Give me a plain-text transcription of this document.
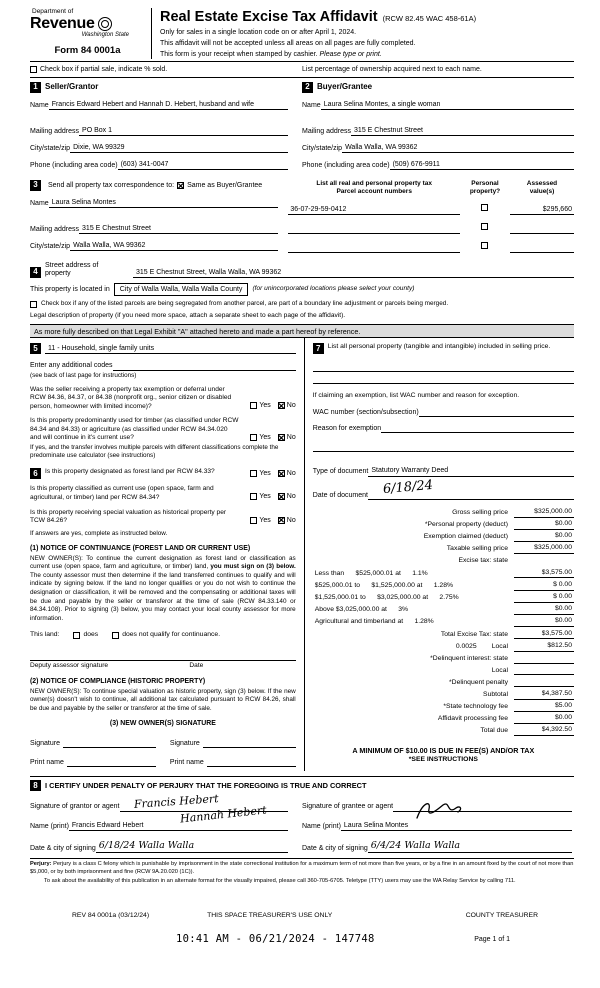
Department of
Revenue
Washington State
Form 84 0001a
Real Estate Excise Tax Affidavit (RCW 82.45 WAC 458-61A)
Only for sales in a single location code on or after April 1, 2024.
This affidavit will not be accepted unless all areas on all pages are fully completed.
This form is your receipt when stamped by cashier. Please type or print.
Check box if partial sale, indicate % sold.	List percentage of ownership acquired next to each name.
1 Seller/Grantor
Name Francis Edward Hebert and Hannah D. Hebert, husband and wife
Mailing address PO Box 1
City/state/zip Dixie, WA 99329
Phone (including area code) (603) 341-0047
2 Buyer/Grantee
Name Laura Selina Montes, a single woman
Mailing address 315 E Chestnut Street
City/state/zip Walla Walla, WA 99362
Phone (including area code) (509) 676-9911
3	Send all property tax correspondence to: ✕ Same as Buyer/Grantee
Name Laura Selina Montes
Mailing address 315 E Chestnut Street
City/state/zip Walla Walla, WA 99362
List all real and personal property tax
Parcel account numbers
Personal
property?
Assessed
value(s)
36-07-29-59-0412	$295,660
4
Street address of
property	315 E Chestnut Street, Walla Walla, WA 99362
This property is located in	City of Walla Walla, Walla Walla County	(for unincorporated locations please select your county)
Check box if any of the listed parcels are being segregated from another parcel, are part of a boundary line adjustment or parcels being merged.
Legal description of property (if you need more space, attach a separate sheet to each page of the affidavit).
As more fully described on that Legal Exhibit "A" attached hereto and made a part hereof by reference.
5	11 - Household, single family units
Enter any additional codes
(see back of last page for instructions)
Was the seller receiving a property tax exemption or deferral under RCW 84.36, 84.37, or 84.38 (nonprofit org., senior citizen or disabled person, homeowner with limited income)?	Yes ✕ No
Is this property predominantly used for timber (as classified under RCW 84.34 and 84.33) or agriculture (as classified under RCW 84.34.020 and will continue in it's current use?	Yes ✕ No
If yes, and the transfer involves multiple parcels with different classifications complete the predominate use calculator (see instructions)
6	Is this property designated as forest land per RCW 84.33?	Yes ✕ No
Is this property classified as current use (open space, farm and agricultural, or timber) land per RCW 84.34?	Yes ✕ No
Is this property receiving special valuation as historical property per TCW 84.26?	Yes ✕ No
If answers are yes, complete as instructed below.
(1) NOTICE OF CONTINUANCE (FOREST LAND OR CURRENT USE)
NEW OWNER(S): To continue the current designation as forest land or classification as current use (open space, farm and agriculture, or timber) land, you must sign on (3) below. The county assessor must then determine if the land transferred continues to qualify and will indicate by signing below. If the land no longer qualifies or you do not wish to continue the designation or classification, it will be removed and the compensating or additional taxes will be due and payable by the seller or transferor at the time of sale (RCW 84.33.140 or 84.34.108). Prior to signing (3) below, you may contact your local county assessor for more information.
This land:	does	does not qualify for continuance.
Deputy assessor signature	Date
(2) NOTICE OF COMPLIANCE (HISTORIC PROPERTY)
NEW OWNER(S): To continue special valuation as historic property, sign (3) below. If the new owner(s) doesn't wish to continue, all additional tax calculated pursuant to RCW 84.26, shall be due and payable by the seller or transferor at the time of sale.
(3) NEW OWNER(S) SIGNATURE
Signature	Signature
Print name	Print name
7	List all personal property (tangible and intangible) included in selling price.
If claiming an exemption, list WAC number and reason for exception.
WAC number (section/subsection)
Reason for exemption
Type of document Statutory Warranty Deed
Date of document	6/18/24
Gross selling price	$325,000.00
*Personal property (deduct)	$0.00
Exemption claimed (deduct)	$0.00
Taxable selling price	$325,000.00
Excise tax: state
Less than      $525,000.01 at      1.1%	$3,575.00
$525,000.01 to      $1,525,000.00 at      1.28%	$ 0.00
$1,525,000.01 to      $3,025,000.00 at      2.75%	$ 0.00
Above $3,025,000.00 at      3%	$0.00
Agricultural and timberland at      1.28%	$0.00
Total Excise Tax: state	$3,575.00
0.0025        Local	$812.50
*Delinquent interest: state
Local
*Delinquent penalty
Subtotal	$4,387.50
*State technology fee	$5.00
Affidavit processing fee	$0.00
Total due	$4,392.50
A MINIMUM OF $10.00 IS DUE IN FEE(S) AND/OR TAX
*SEE INSTRUCTIONS
8 I CERTIFY UNDER PENALTY OF PERJURY THAT THE FOREGOING IS TRUE AND CORRECT
Francis Hebert
Hannah Hebert
Signature of grantor or agent
Name (print) Francis Edward Hebert
Date & city of signing 6/18/24 Walla Walla
Signature of grantee or agent
Name (print) Laura Selina Montes
Date & city of signing 6/4/24 Walla Walla
Perjury: Perjury is a class C felony which is punishable by imprisonment in the state correctional institution for a maximum term of not more than five years, or by a fine in an amount fixed by the court of not more than $5,000, or by both imprisonment and fine (RCW 9A.20.020 (1C)).
To ask about the availability of this publication in an alternate format for the visually impaired, please call 360-705-6705. Teletype (TTY) users may use the WA Relay Service by calling 711.
REV 84 0001a (03/12/24)	THIS SPACE TREASURER'S USE ONLY	COUNTY TREASURER
10:41 AM - 06/21/2024 - 147748	Page 1 of 1
